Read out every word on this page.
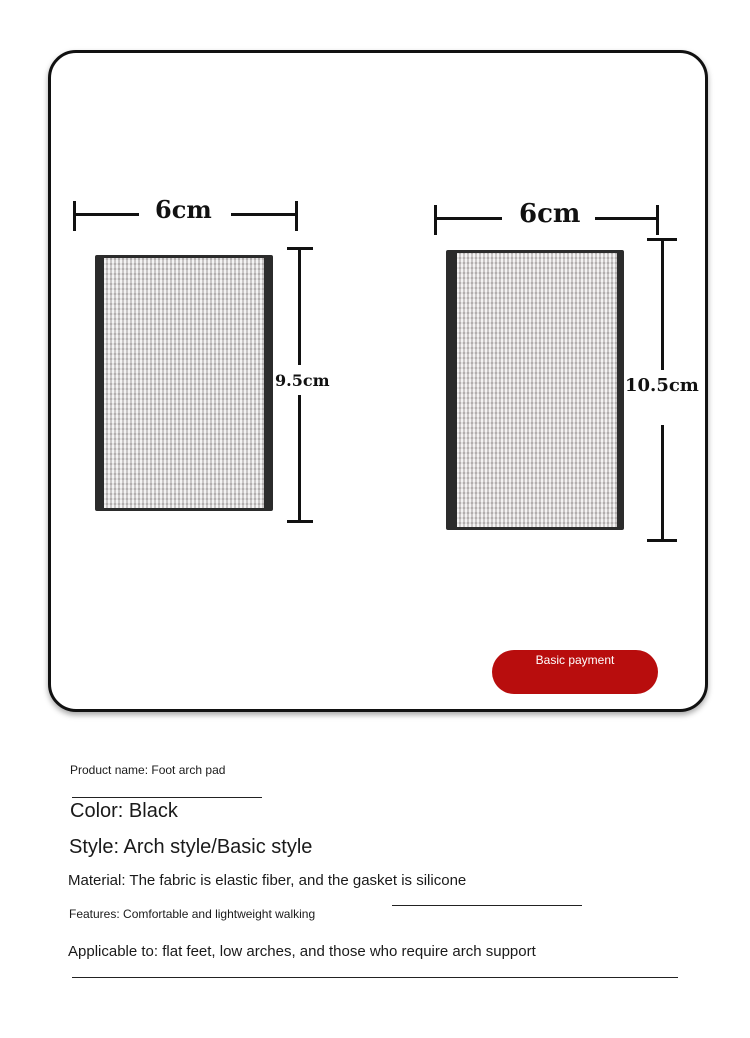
6cm
9.5cm
6cm
10.5cm
Basic payment
Product name: Foot arch pad
Color: Black
Style: Arch style/Basic style
Material: The fabric is elastic fiber, and the gasket is silicone
Features: Comfortable and lightweight walking
Applicable to: flat feet, low arches, and those who require arch support
